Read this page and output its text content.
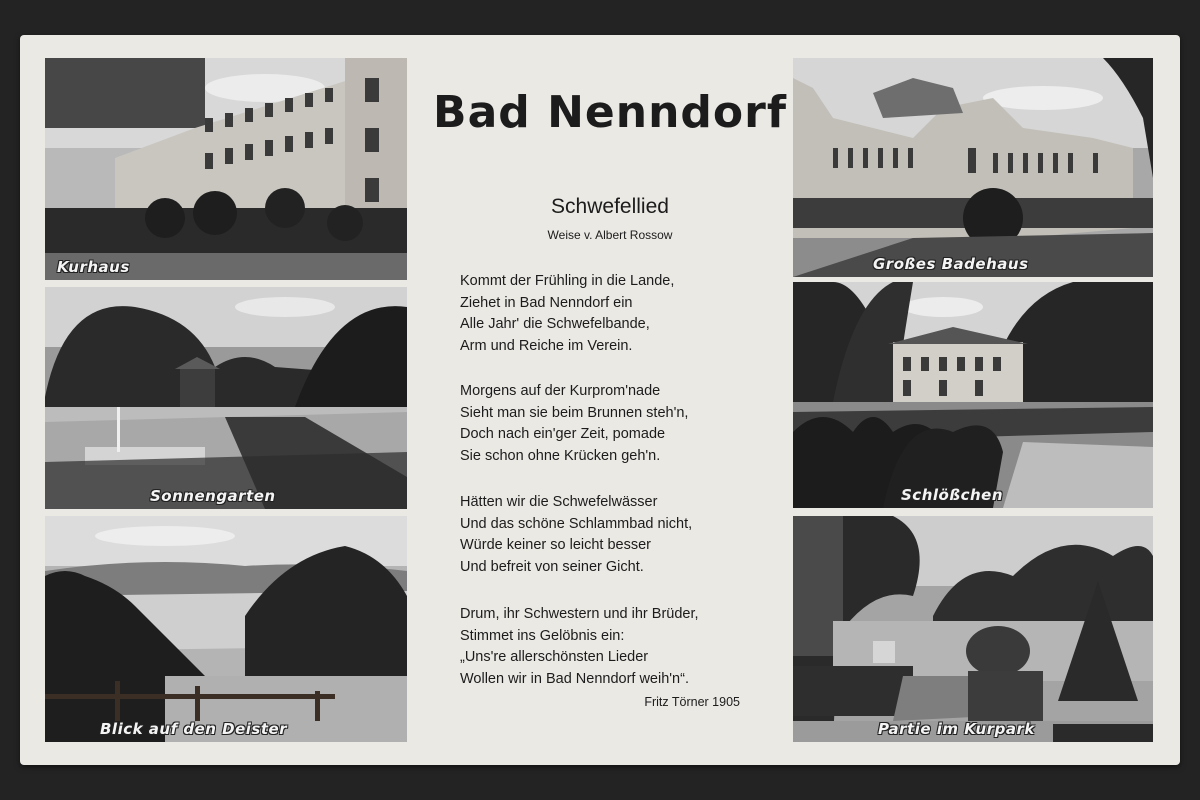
Kurhaus
Sonnengarten
Blick auf den Deister
Bad Nenndorf
Schwefellied
Weise v. Albert Rossow
Kommt der Frühling in die Lande,
Ziehet in Bad Nenndorf ein
Alle Jahr' die Schwefelbande,
Arm und Reiche im Verein.
Morgens auf der Kurprom'nade
Sieht man sie beim Brunnen steh'n,
Doch nach ein'ger Zeit, pomade
Sie schon ohne Krücken geh'n.
Hätten wir die Schwefelwässer
Und das schöne Schlammbad nicht,
Würde keiner so leicht besser
Und befreit von seiner Gicht.
Drum, ihr Schwestern und ihr Brüder,
Stimmet ins Gelöbnis ein:
„Uns're allerschönsten Lieder
Wollen wir in Bad Nenndorf weih'n“.
Fritz Törner 1905
Großes Badehaus
Schlößchen
Partie im Kurpark
